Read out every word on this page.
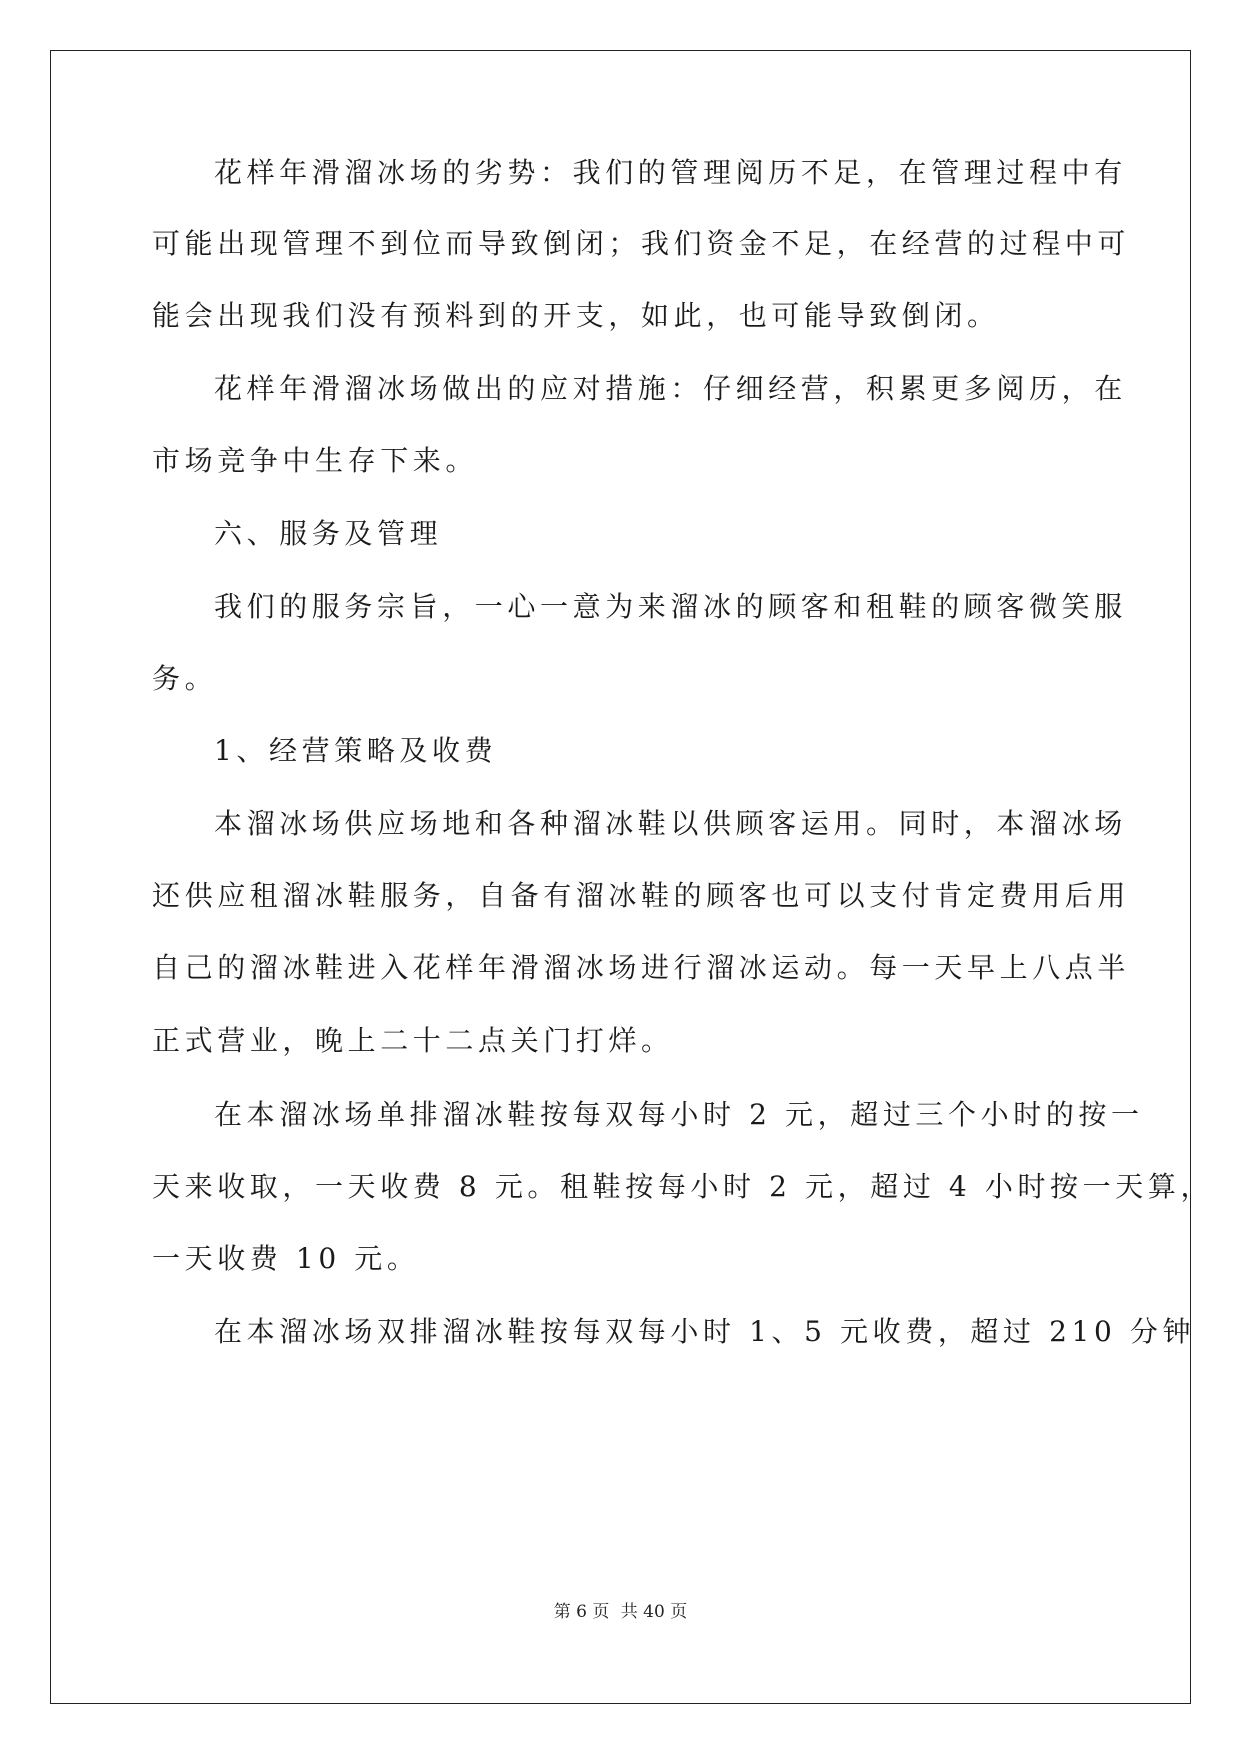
花样年滑溜冰场的劣势：我们的管理阅历不足，在管理过程中有
可能出现管理不到位而导致倒闭；我们资金不足，在经营的过程中可
能会出现我们没有预料到的开支，如此，也可能导致倒闭。
花样年滑溜冰场做出的应对措施：仔细经营，积累更多阅历，在
市场竞争中生存下来。
六、服务及管理
我们的服务宗旨，一心一意为来溜冰的顾客和租鞋的顾客微笑服
务。
1、经营策略及收费
本溜冰场供应场地和各种溜冰鞋以供顾客运用。同时，本溜冰场
还供应租溜冰鞋服务，自备有溜冰鞋的顾客也可以支付肯定费用后用
自己的溜冰鞋进入花样年滑溜冰场进行溜冰运动。每一天早上八点半
正式营业，晚上二十二点关门打烊。
在本溜冰场单排溜冰鞋按每双每小时 2 元，超过三个小时的按一
天来收取，一天收费 8 元。租鞋按每小时 2 元，超过 4 小时按一天算，
一天收费 10 元。
在本溜冰场双排溜冰鞋按每双每小时 1、5 元收费，超过 210 分钟
第 6 页 共 40 页
